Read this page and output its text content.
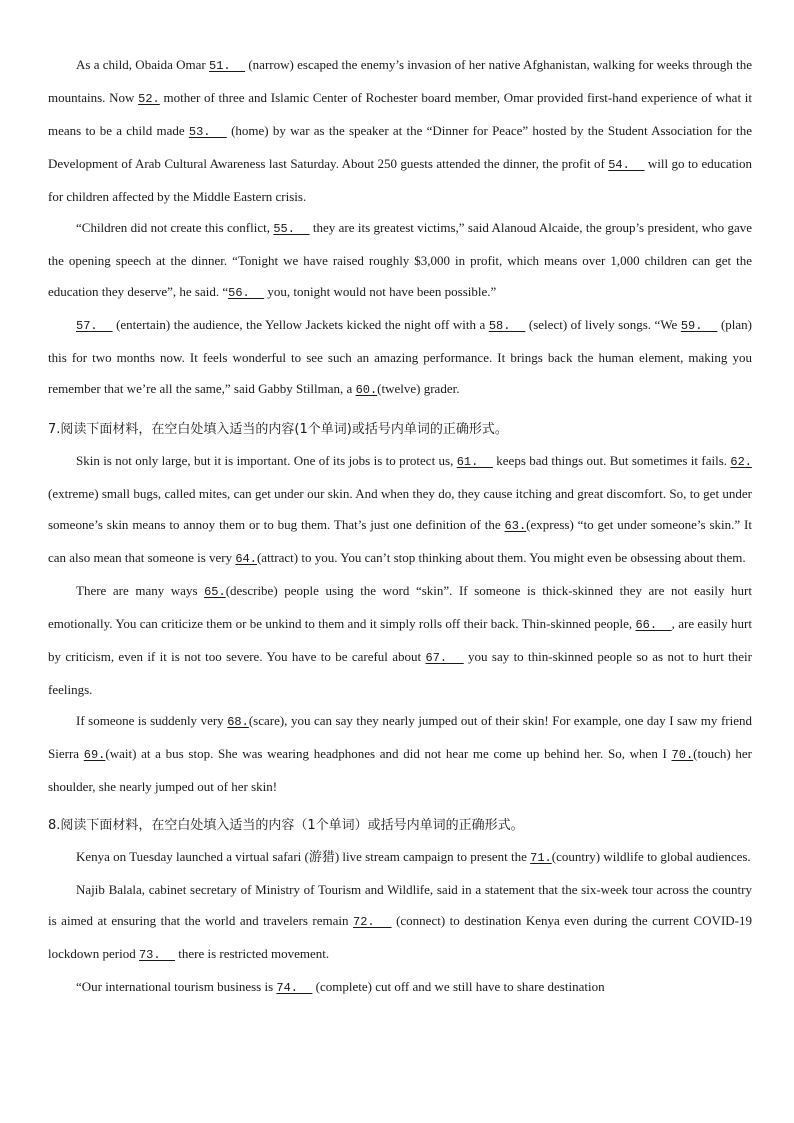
As a child, Obaida Omar 51.   (narrow) escaped the enemy’s invasion of her native Afghanistan, walking for weeks through the mountains. Now 52. mother of three and Islamic Center of Rochester board member, Omar provided first-hand experience of what it means to be a child made 53.   (home) by war as the speaker at the “Dinner for Peace” hosted by the Student Association for the Development of Arab Cultural Awareness last Saturday. About 250 guests attended the dinner, the profit of 54.   will go to education for children affected by the Middle Eastern crisis.

“Children did not create this conflict, 55.   they are its greatest victims,” said Alanoud Alcaide, the group’s president, who gave the opening speech at the dinner. “Tonight we have raised roughly $3,000 in profit, which means over 1,000 children can get the education they deserve”, he said. “56.   you, tonight would not have been possible.”

57.   (entertain) the audience, the Yellow Jackets kicked the night off with a 58.   (select) of lively songs. “We 59.   (plan) this for two months now. It feels wonderful to see such an amazing performance. It brings back the human element, making you remember that we’re all the same,” said Gabby Stillman, a 60.(twelve) grader.

7.阅读下面材料，在空白处填入适当的内容(1个单词)或括号内单词的正确形式。

Skin is not only large, but it is important. One of its jobs is to protect us, 61.   keeps bad things out. But sometimes it fails. 62.(extreme) small bugs, called mites, can get under our skin. And when they do, they cause itching and great discomfort. So, to get under someone’s skin means to annoy them or to bug them. That’s just one definition of the 63.(express) “to get under someone’s skin.” It can also mean that someone is very 64.(attract) to you. You can’t stop thinking about them. You might even be obsessing about them.

There are many ways 65.(describe) people using the word “skin”. If someone is thick-skinned they are not easily hurt emotionally. You can criticize them or be unkind to them and it simply rolls off their back. Thin-skinned people, 66.  , are easily hurt by criticism, even if it is not too severe. You have to be careful about 67.   you say to thin-skinned people so as not to hurt their feelings.

If someone is suddenly very 68.(scare), you can say they nearly jumped out of their skin! For example, one day I saw my friend Sierra 69.(wait) at a bus stop. She was wearing headphones and did not hear me come up behind her. So, when I 70.(touch) her shoulder, she nearly jumped out of her skin!

8.阅读下面材料，在空白处填入适当的内容（1个单词）或括号内单词的正确形式。

Kenya on Tuesday launched a virtual safari (游猎) live stream campaign to present the 71.(country) wildlife to global audiences.

Najib Balala, cabinet secretary of Ministry of Tourism and Wildlife, said in a statement that the six-week tour across the country is aimed at ensuring that the world and travelers remain 72.   (connect) to destination Kenya even during the current COVID-19 lockdown period 73.   there is restricted movement.

“Our international tourism business is 74.   (complete) cut off and we still have to share destination
